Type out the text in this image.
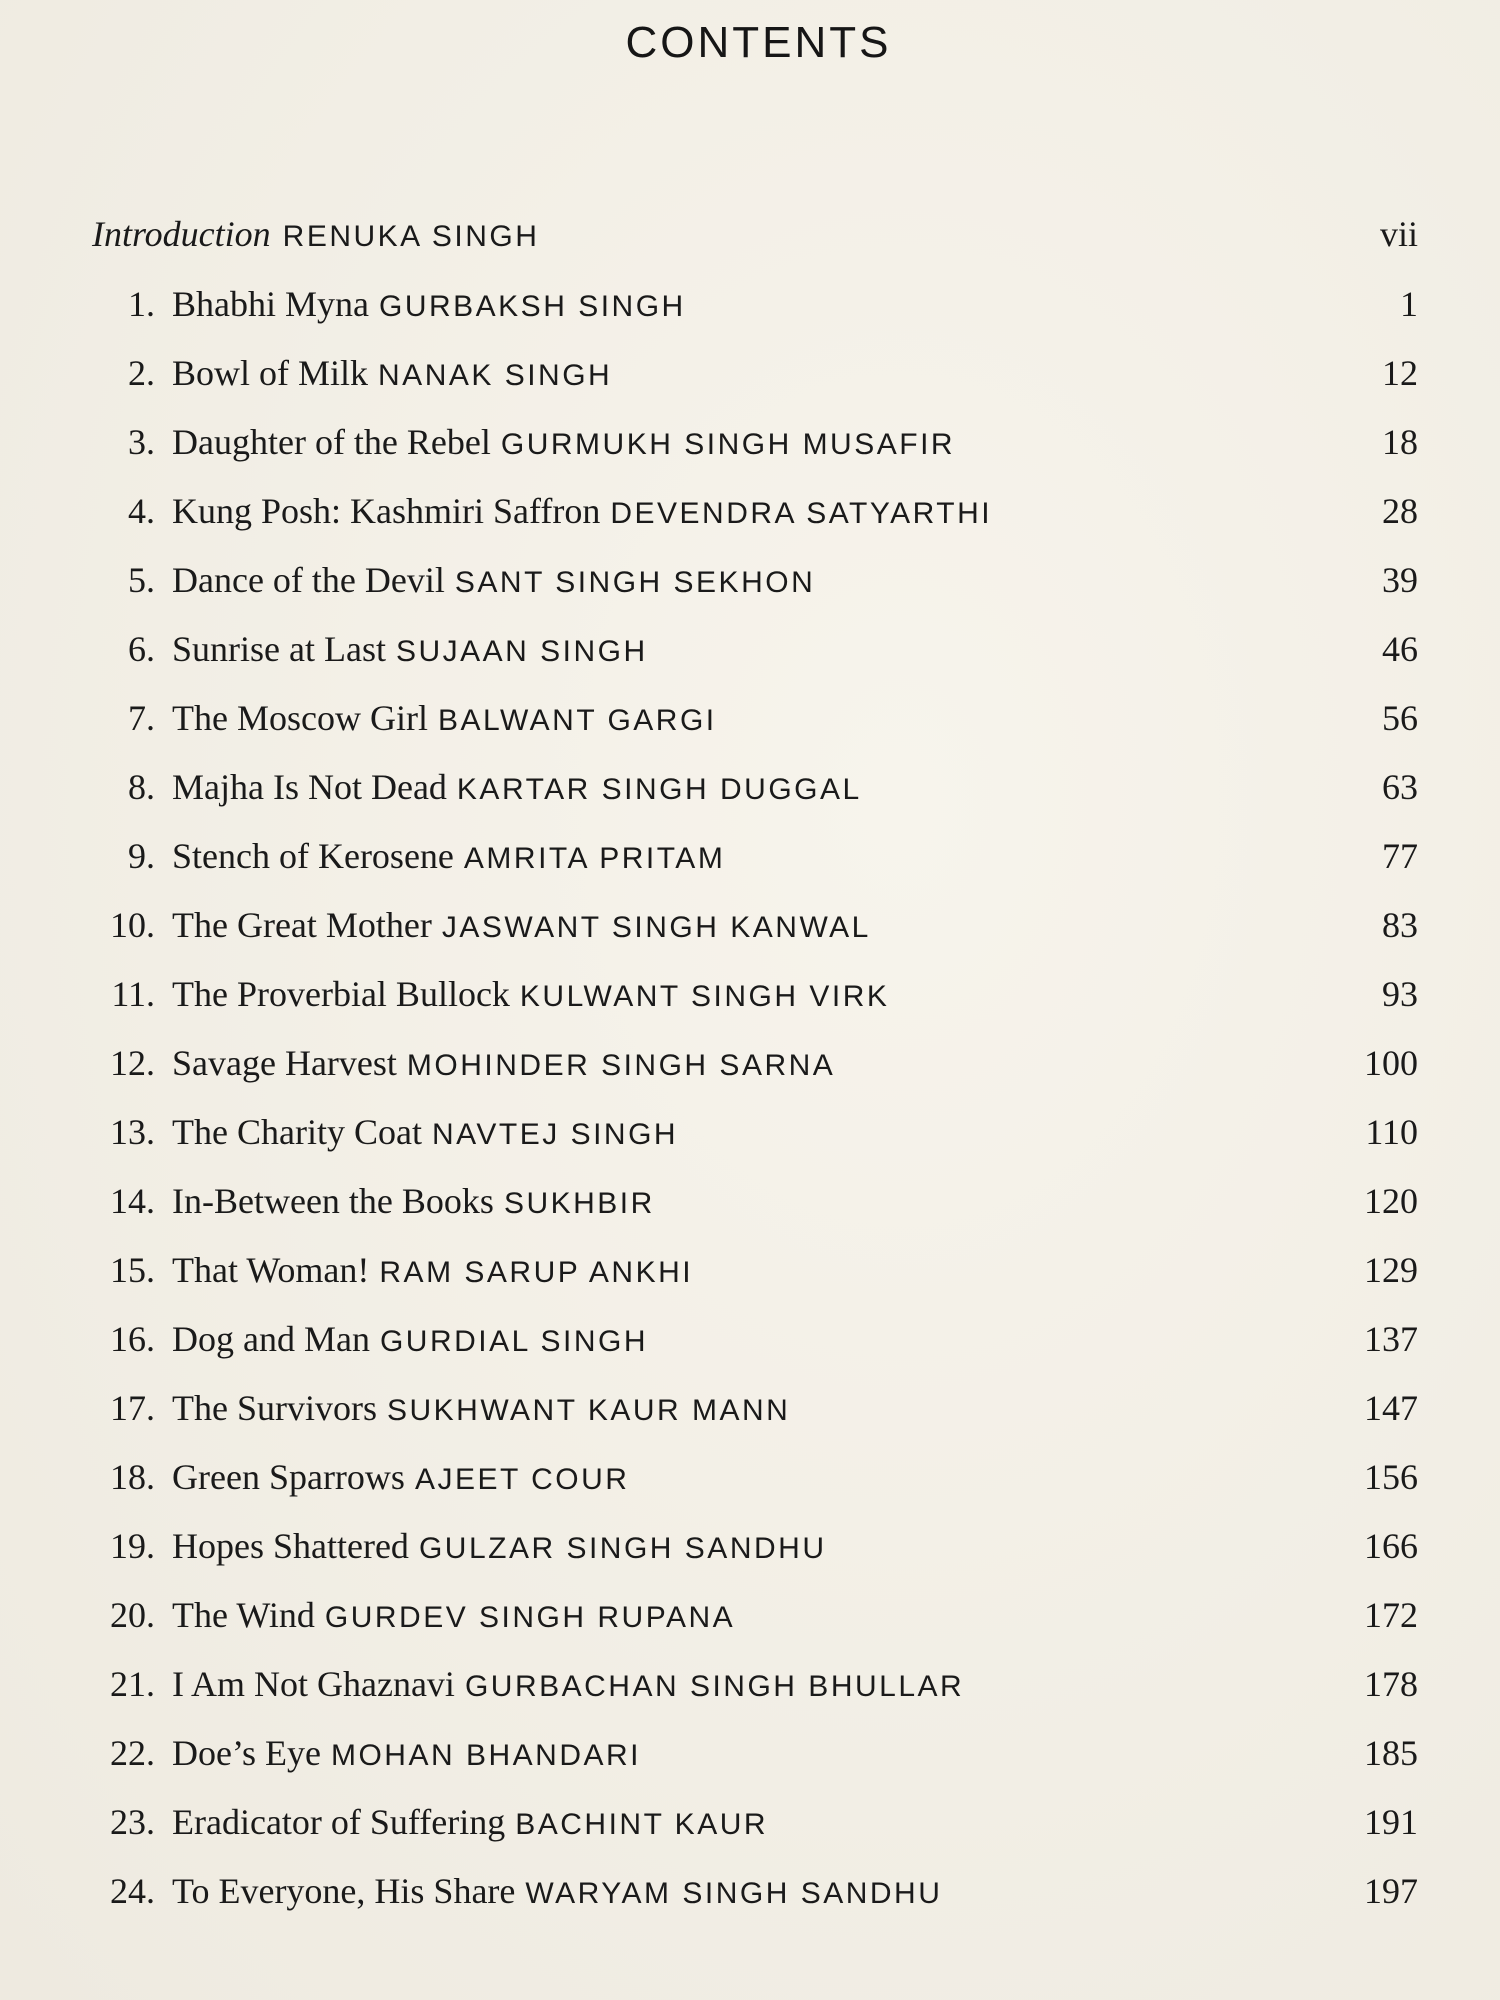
CONTENTS
Introduction RENUKA SINGH	vii
1. Bhabhi Myna GURBAKSH SINGH	1
2. Bowl of Milk NANAK SINGH	12
3. Daughter of the Rebel GURMUKH SINGH MUSAFIR	18
4. Kung Posh: Kashmiri Saffron DEVENDRA SATYARTHI	28
5. Dance of the Devil SANT SINGH SEKHON	39
6. Sunrise at Last SUJAAN SINGH	46
7. The Moscow Girl BALWANT GARGI	56
8. Majha Is Not Dead KARTAR SINGH DUGGAL	63
9. Stench of Kerosene AMRITA PRITAM	77
10. The Great Mother JASWANT SINGH KANWAL	83
11. The Proverbial Bullock KULWANT SINGH VIRK	93
12. Savage Harvest MOHINDER SINGH SARNA	100
13. The Charity Coat NAVTEJ SINGH	110
14. In-Between the Books SUKHBIR	120
15. That Woman! RAM SARUP ANKHI	129
16. Dog and Man GURDIAL SINGH	137
17. The Survivors SUKHWANT KAUR MANN	147
18. Green Sparrows AJEET COUR	156
19. Hopes Shattered GULZAR SINGH SANDHU	166
20. The Wind GURDEV SINGH RUPANA	172
21. I Am Not Ghaznavi GURBACHAN SINGH BHULLAR	178
22. Doe’s Eye MOHAN BHANDARI	185
23. Eradicator of Suffering BACHINT KAUR	191
24. To Everyone, His Share WARYAM SINGH SANDHU	197
